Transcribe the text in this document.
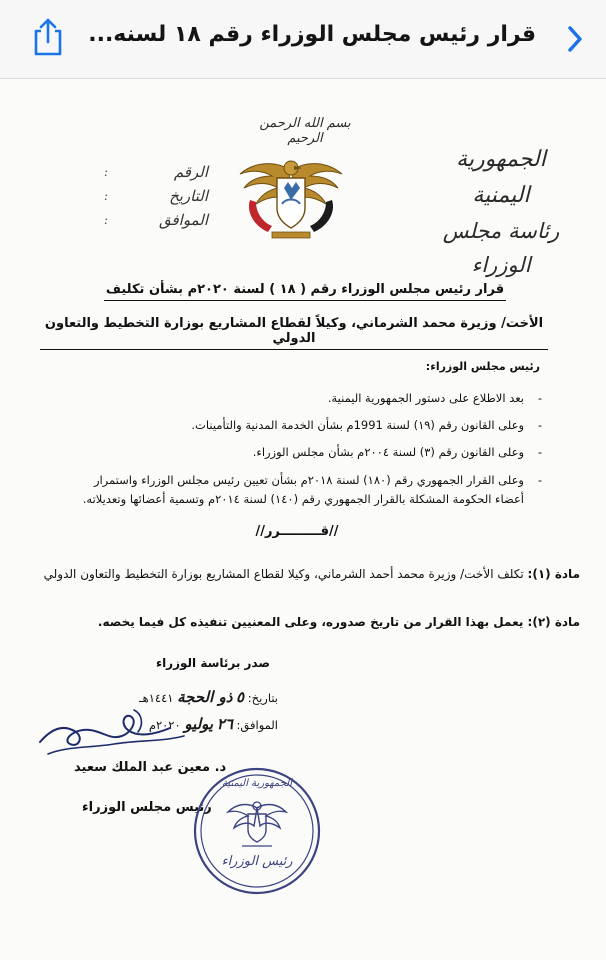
قرار رئيس مجلس الوزراء رقم ١٨ لسنه...
بسم الله الرحمن الرحيم
الجمهورية اليمنية
رئاسة مجلس الوزراء
:
:
:
الرقم
التاريخ
الموافق
قرار رئيس مجلس الوزراء رقم ( ١٨ ) لسنة ٢٠٢٠م بشأن تكليف
الأخت/ وزيرة محمد الشرماني، وكيلاً لقطاع المشاريع بوزارة التخطيط والتعاون الدولي
رئيس مجلس الوزراء:
- بعد الاطلاع على دستور الجمهورية اليمنية.
- وعلى القانون رقم (١٩) لسنة 1991م بشأن الخدمة المدنية والتأمينات.
- وعلى القانون رقم (٣) لسنة ٢٠٠٤م بشأن مجلس الوزراء.
- وعلى القرار الجمهوري رقم (١٨٠) لسنة ٢٠١٨م بشأن تعيين رئيس مجلس الوزراء واستمرار أعضاء الحكومة المشكلة بالقرار الجمهوري رقم (١٤٠) لسنة ٢٠١٤م وتسمية أعضائها وتعديلاته.
//قـــــــــرر//
مادة (١): تكلف الأخت/ وزيرة محمد أحمد الشرماني، وكيلا لقطاع المشاريع بوزارة التخطيط والتعاون الدولي
مادة (٢): يعمل بهذا القرار من تاريخ صدوره، وعلى المعنيين تنفيذه كل فيما يخصه.
صدر برئاسة الوزراء
بتاريخ: ٥ ذو الحجة ١٤٤١هـ
الموافق: ٢٦ يوليو ٢٠٢٠م
د. معين عبد الملك سعيد
رئيس مجلس الوزراء
الجمهورية اليمنية
رئيس الوزراء
